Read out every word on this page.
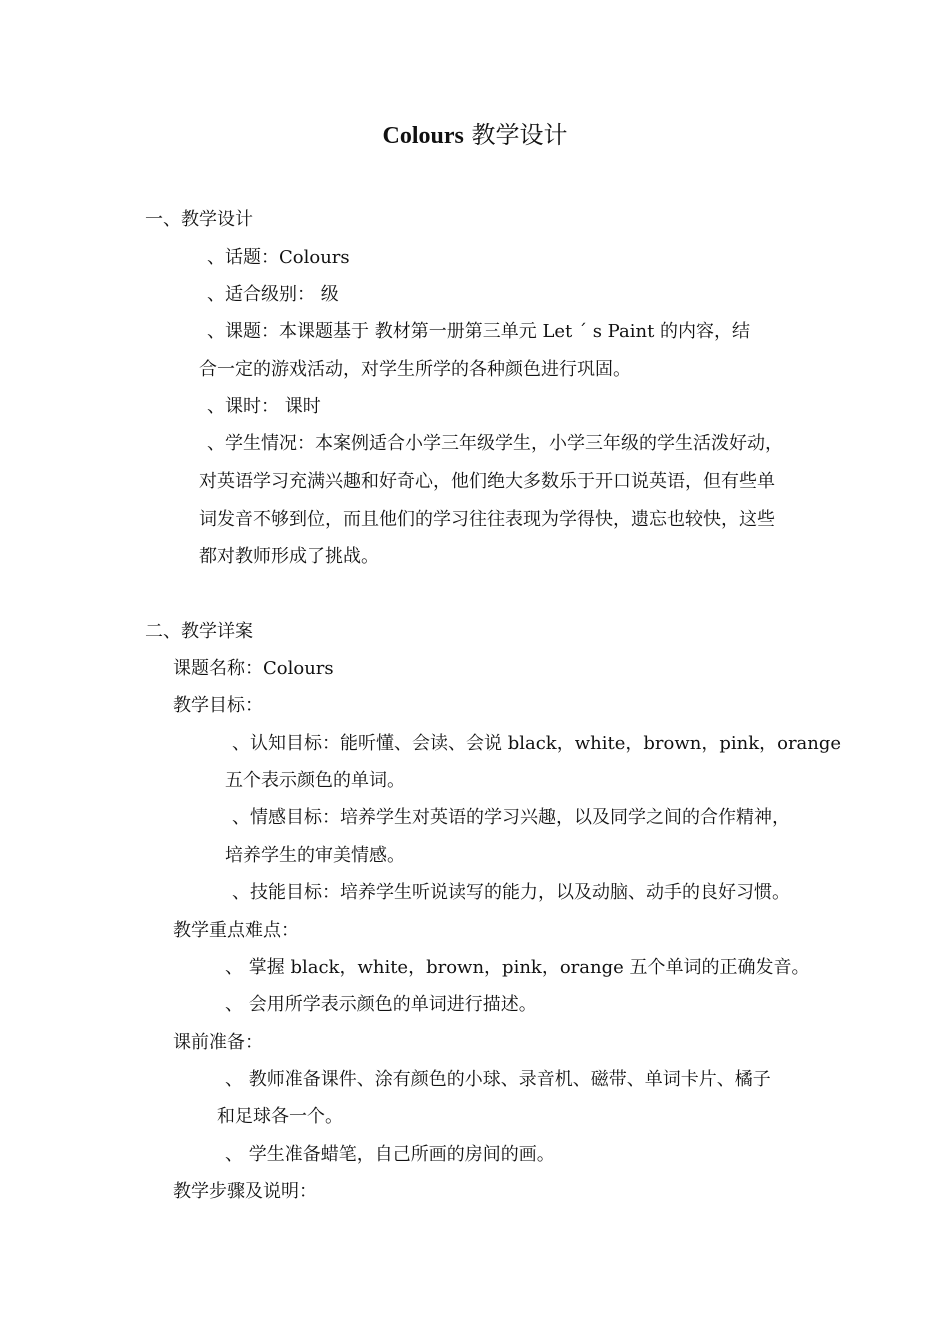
Colours 教学设计
一、教学设计
、话题：Colours
、适合级别： 级
、课题：本课题基于 教材第一册第三单元 Let ´ s Paint 的内容，结
合一定的游戏活动，对学生所学的各种颜色进行巩固。
、课时： 课时
、学生情况：本案例适合小学三年级学生，小学三年级的学生活泼好动，
对英语学习充满兴趣和好奇心，他们绝大多数乐于开口说英语，但有些单
词发音不够到位，而且他们的学习往往表现为学得快，遗忘也较快，这些
都对教师形成了挑战。
二、教学详案
课题名称：Colours
教学目标：
、认知目标：能听懂、会读、会说 black，white，brown，pink，orange
五个表示颜色的单词。
、情感目标：培养学生对英语的学习兴趣，以及同学之间的合作精神，
培养学生的审美情感。
、技能目标：培养学生听说读写的能力，以及动脑、动手的良好习惯。
教学重点难点：
、 掌握 black，white，brown，pink，orange 五个单词的正确发音。
、 会用所学表示颜色的单词进行描述。
课前准备：
、 教师准备课件、涂有颜色的小球、录音机、磁带、单词卡片、橘子
和足球各一个。
、 学生准备蜡笔，自己所画的房间的画。
教学步骤及说明：
